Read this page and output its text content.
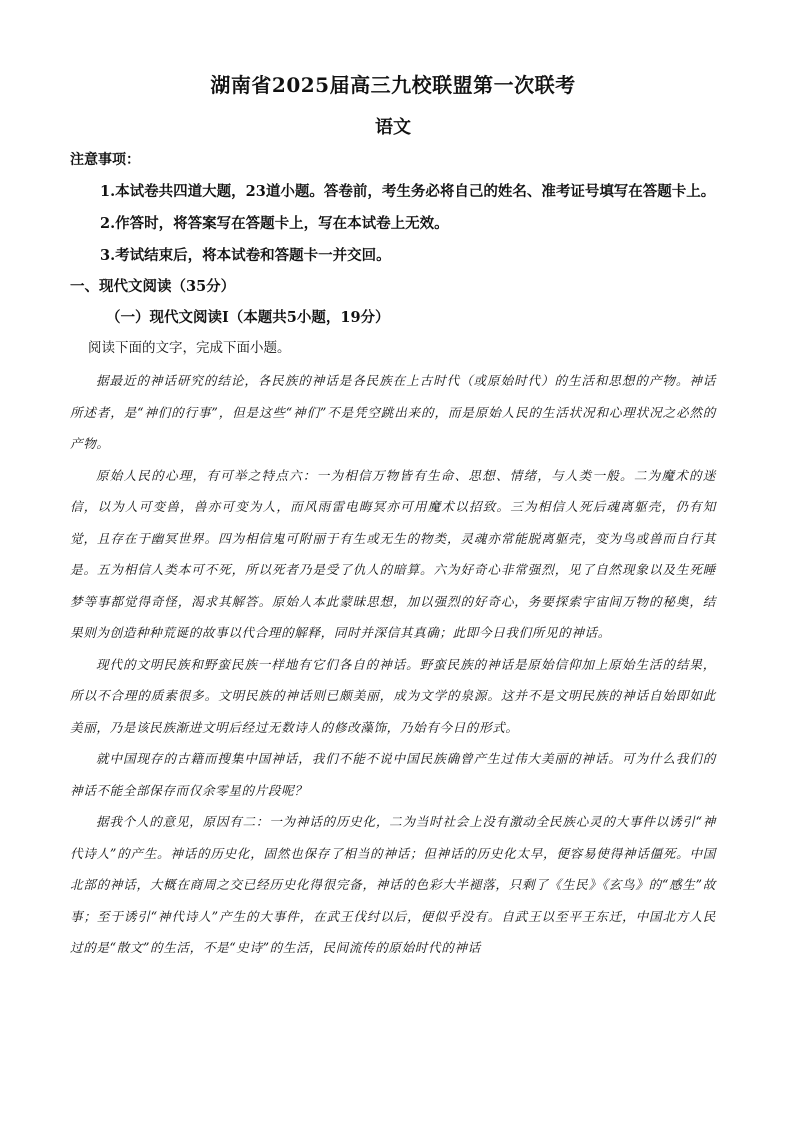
湖南省2025届高三九校联盟第一次联考
语文
注意事项：

1.本试卷共四道大题，23道小题。答卷前，考生务必将自己的姓名、准考证号填写在答题卡上。

2.作答时，将答案写在答题卡上，写在本试卷上无效。

3.考试结束后，将本试卷和答题卡一并交回。

一、现代文阅读（35分）
（一）现代文阅读Ⅰ（本题共5小题，19分）
阅读下面的文字，完成下面小题。

据最近的神话研究的结论，各民族的神话是各民族在上古时代（或原始时代）的生活和思想的产物。神话所述者，是“神们的行事”，但是这些“神们”不是凭空跳出来的，而是原始人民的生活状况和心理状况之必然的产物。

原始人民的心理，有可举之特点六：一为相信万物皆有生命、思想、情绪，与人类一般。二为魔术的迷信，以为人可变兽，兽亦可变为人，而风雨雷电晦冥亦可用魔术以招致。三为相信人死后魂离躯壳，仍有知觉，且存在于幽冥世界。四为相信鬼可附丽于有生或无生的物类，灵魂亦常能脱离躯壳，变为鸟或兽而自行其是。五为相信人类本可不死，所以死者乃是受了仇人的暗算。六为好奇心非常强烈，见了自然现象以及生死睡梦等事都觉得奇怪，渴求其解答。原始人本此蒙昧思想，加以强烈的好奇心，务要探索宇宙间万物的秘奥，结果则为创造种种荒诞的故事以代合理的解释，同时并深信其真确；此即今日我们所见的神话。

现代的文明民族和野蛮民族一样地有它们各自的神话。野蛮民族的神话是原始信仰加上原始生活的结果，所以不合理的质素很多。文明民族的神话则已颇美丽，成为文学的泉源。这并不是文明民族的神话自始即如此美丽，乃是该民族渐进文明后经过无数诗人的修改藻饰，乃始有今日的形式。

就中国现存的古籍而搜集中国神话，我们不能不说中国民族确曾产生过伟大美丽的神话。可为什么我们的神话不能全部保存而仅余零星的片段呢？

据我个人的意见，原因有二：一为神话的历史化，二为当时社会上没有激动全民族心灵的大事件以诱引“神代诗人”的产生。神话的历史化，固然也保存了相当的神话；但神话的历史化太早，便容易使得神话僵死。中国北部的神话，大概在商周之交已经历史化得很完备，神话的色彩大半褪落，只剩了《生民》《玄鸟》的“感生”故事；至于诱引“神代诗人”产生的大事件，在武王伐纣以后，便似乎没有。自武王以至平王东迁，中国北方人民过的是“散文”的生活，不是“史诗”的生活，民间流传的原始时代的神话
